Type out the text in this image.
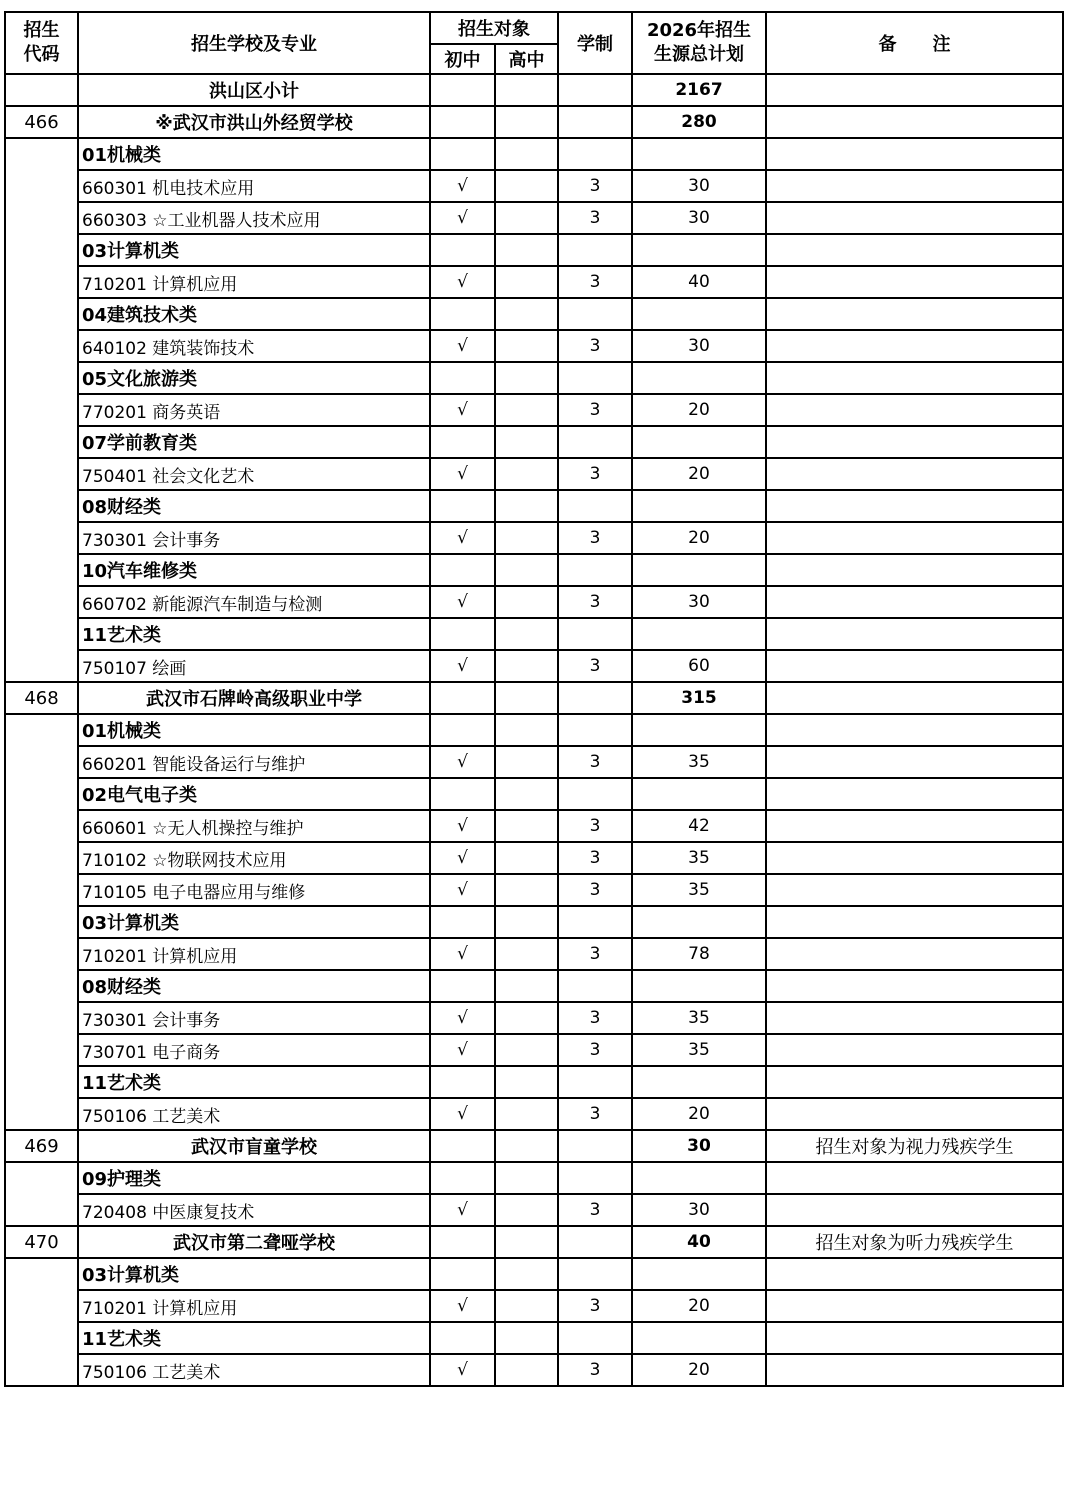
招生
代码	招生学校及专业	招生对象		学制	2026年招生
生源总计划	备　　注
		初中	高中			
	洪山区小计				2167	
466	※武汉市洪山外经贸学校				280	
	01机械类					
	660301 机电技术应用	√		3	30	
	660303 ☆工业机器人技术应用	√		3	30	
	03计算机类					
	710201 计算机应用	√		3	40	
	04建筑技术类					
	640102 建筑装饰技术	√		3	30	
	05文化旅游类					
	770201 商务英语	√		3	20	
	07学前教育类					
	750401 社会文化艺术	√		3	20	
	08财经类					
	730301 会计事务	√		3	20	
	10汽车维修类					
	660702 新能源汽车制造与检测	√		3	30	
	11艺术类					
	750107 绘画	√		3	60	
468	武汉市石牌岭高级职业中学				315	
	01机械类					
	660201 智能设备运行与维护	√		3	35	
	02电气电子类					
	660601 ☆无人机操控与维护	√		3	42	
	710102 ☆物联网技术应用	√		3	35	
	710105 电子电器应用与维修	√		3	35	
	03计算机类					
	710201 计算机应用	√		3	78	
	08财经类					
	730301 会计事务	√		3	35	
	730701 电子商务	√		3	35	
	11艺术类					
	750106 工艺美术	√		3	20	
469	武汉市盲童学校				30	招生对象为视力残疾学生
	09护理类					
	720408 中医康复技术	√		3	30	
470	武汉市第二聋哑学校				40	招生对象为听力残疾学生
	03计算机类					
	710201 计算机应用	√		3	20	
	11艺术类					
	750106 工艺美术	√		3	20	
